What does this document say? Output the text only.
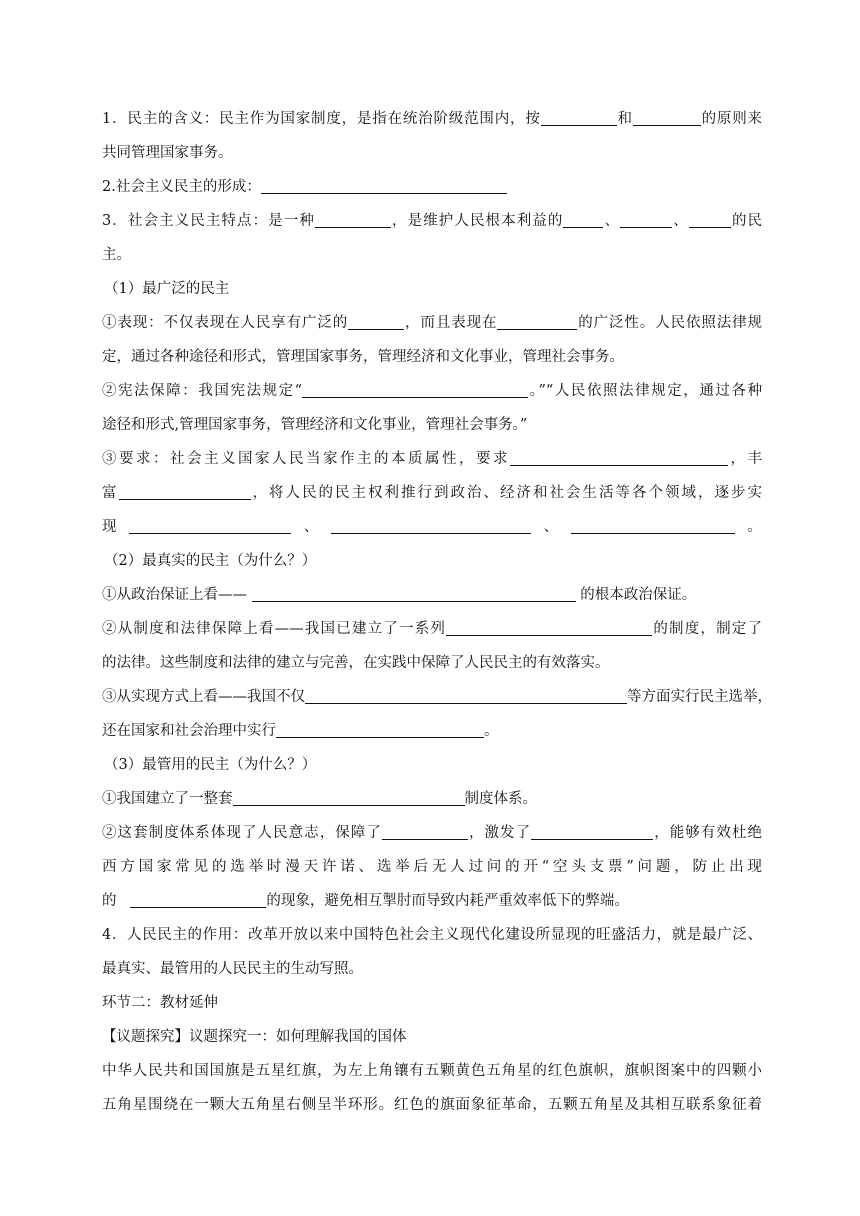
1．民主的含义：民主作为国家制度，是指在统治阶级范围内，按	和	的原则来
共同管理国家事务。
2.社会主义民主的形成：
3．社会主义民主特点：是一种	，是维护人民根本利益的	、	、	的民
主。
（1）最广泛的民主
①表现：不仅表现在人民享有广泛的	，而且表现在	的广泛性。人民依照法律规
定，通过各种途径和形式，管理国家事务，管理经济和文化事业，管理社会事务。
②宪法保障：我国宪法规定“	。”“人民依照法律规定，通过各种
途径和形式,管理国家事务，管理经济和文化事业，管理社会事务。”
③要求：社会主义国家人民当家作主的本质属性，要求	，丰
富	，将人民的民主权利推行到政治、经济和社会生活等各个领域，逐步实
现	、	、	。
（2）最真实的民主（为什么？）
①从政治保证上看——	的根本政治保证。
②从制度和法律保障上看——我国已建立了一系列	的制度，制定了
的法律。这些制度和法律的建立与完善，在实践中保障了人民民主的有效落实。
③从实现方式上看——我国不仅	等方面实行民主选举，
还在国家和社会治理中实行	。
（3）最管用的民主（为什么？）
①我国建立了一整套	制度体系。
②这套制度体系体现了人民意志，保障了	，激发了	，能够有效杜绝
西方国家常见的选举时漫天许诺、选举后无人过问的开“空头支票”问题，防止出现
的	的现象，避免相互掣肘而导致内耗严重效率低下的弊端。
4．人民民主的作用：改革开放以来中国特色社会主义现代化建设所显现的旺盛活力，就是最广泛、
最真实、最管用的人民民主的生动写照。
环节二：教材延伸
【议题探究】议题探究一：如何理解我国的国体
中华人民共和国国旗是五星红旗，为左上角镶有五颗黄色五角星的红色旗帜，旗帜图案中的四颗小
五角星围绕在一颗大五角星右侧呈半环形。红色的旗面象征革命，五颗五角星及其相互联系象征着
